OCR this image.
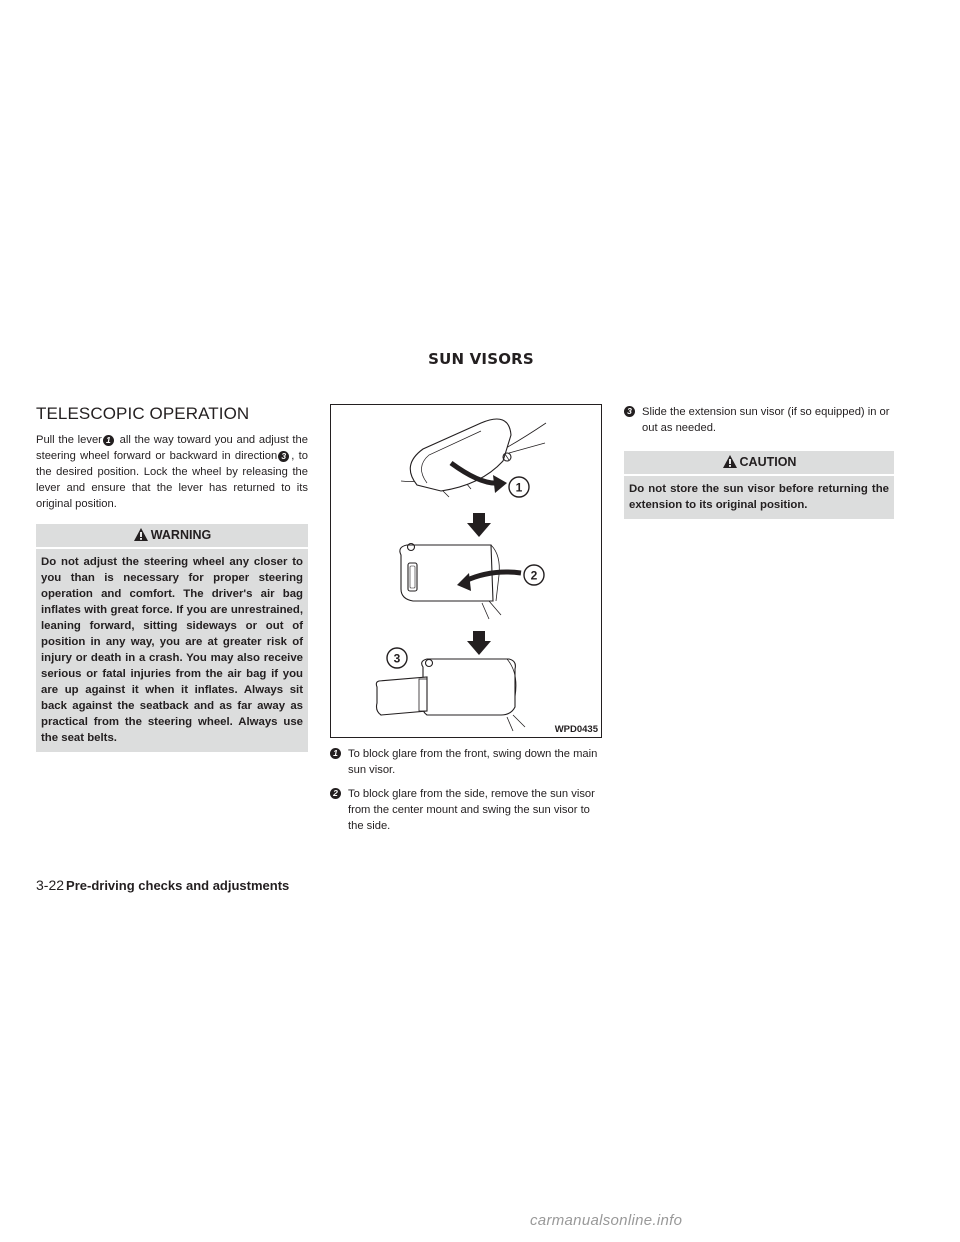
SUN VISORS
TELESCOPIC OPERATION

Pull the lever 1 all the way toward you and adjust the steering wheel forward or backward in direction 3 , to the desired position. Lock the wheel by releasing the lever and ensure that the lever has returned to its original position.

WARNING
Do not adjust the steering wheel any closer to you than is necessary for proper steering operation and comfort. The driver's air bag inflates with great force. If you are unrestrained, leaning forward, sitting sideways or out of position in any way, you are at greater risk of injury or death in a crash. You may also receive serious or fatal injuries from the air bag if you are up against it when it inflates. Always sit back against the seatback and as far away as practical from the steering wheel. Always use the seat belts.
1
2
3
WPD0435
1 To block glare from the front, swing down the main sun visor.
2 To block glare from the side, remove the sun visor from the center mount and swing the sun visor to the side.
3 Slide the extension sun visor (if so equipped) in or out as needed.
CAUTION
Do not store the sun visor before returning the extension to its original position.
3-22 Pre-driving checks and adjustments
carmanualsonline.info
